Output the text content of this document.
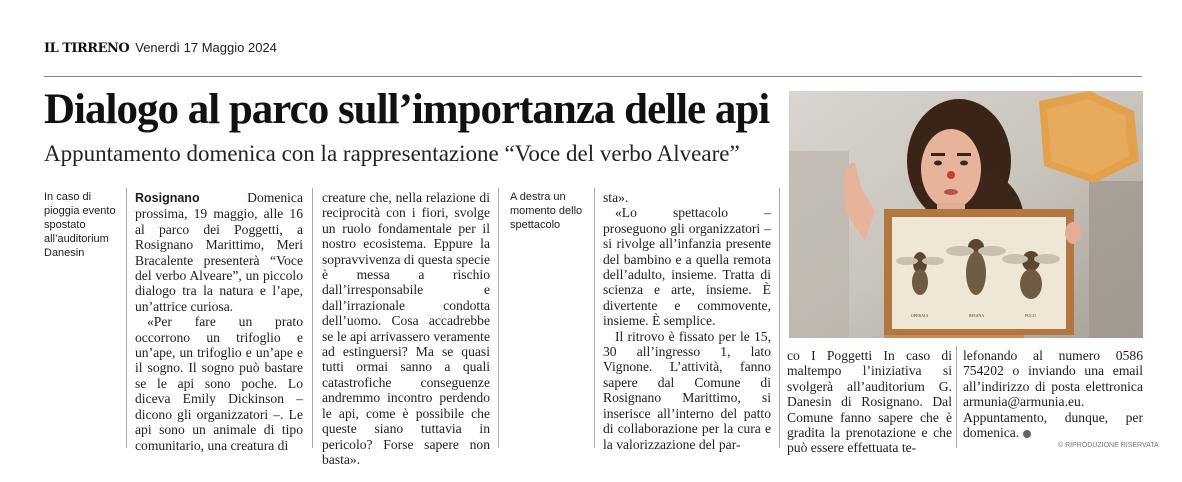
IL TIRRENO Venerdì 17 Maggio 2024
Dialogo al parco sull’importanza delle api
Appuntamento domenica con la rappresentazione “Voce del verbo Alveare”
In caso di pioggia evento spostato all’auditorium Danesin

Rosignano	Domenica prossima, 19 maggio, alle 16 al parco dei Poggetti, a Rosignano Marittimo, Meri Bracalente presenterà “Voce del verbo Alveare”, un piccolo dialogo tra la natura e l’ape, un’attrice curiosa.

«Per fare un prato occorrono un trifoglio e un’ape, un trifoglio e un’ape e il sogno. Il sogno può bastare se le api sono poche. Lo diceva Emily Dickinson – dicono gli organizzatori –. Le api sono un animale di tipo comunitario, una creatura di

creature che, nella relazione di reciprocità con i fiori, svolge un ruolo fondamentale per il nostro ecosistema. Eppure la sopravvivenza di questa specie è messa a rischio dall’irresponsabile e dall’irrazionale condotta dell’uomo. Cosa accadrebbe se le api arrivassero veramente ad estinguersi? Ma se quasi tutti ormai sanno a quali catastrofiche conseguenze andremmo incontro perdendo le api, come è possibile che queste siano tuttavia in pericolo? Forse sapere non basta».

A destra un momento dello spettacolo

sta».

«Lo spettacolo – proseguono gli organizzatori – si rivolge all’infanzia presente del bambino e a quella remota dell’adulto, insieme. Tratta di scienza e arte, insieme. È divertente e commovente, insieme. È semplice.

Il ritrovo è fissato per le 15, 30 all’ingresso 1, lato Vignone. L’attività, fanno sapere dal Comune di Rosignano Marittimo, si inserisce all’interno del patto di collaborazione per la cura e la valorizzazione del par-

OPERAIA	REGINA	FUCO

co I Poggetti In caso di maltempo l’iniziativa si svolgerà all’auditorium G. Danesin di Rosignano. Dal Comune fanno sapere che è gradita la prenotazione e che può essere effettuata te-

lefonando al numero 0586 754202 o inviando una email all’indirizzo di posta elettronica armunia@armunia.eu. Appuntamento, dunque, per domenica.

© RIPRODUZIONE RISERVATA
